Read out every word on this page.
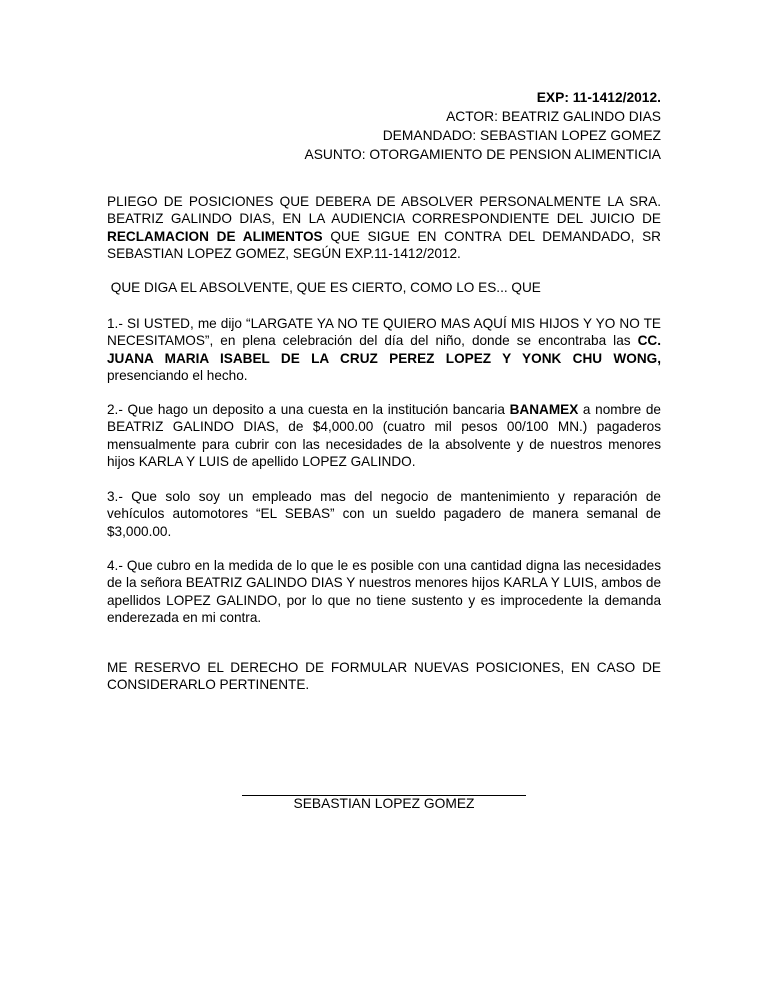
EXP: 11-1412/2012.
ACTOR: BEATRIZ GALINDO DIAS
DEMANDADO: SEBASTIAN LOPEZ GOMEZ
ASUNTO: OTORGAMIENTO DE PENSION ALIMENTICIA
PLIEGO DE POSICIONES QUE DEBERA DE ABSOLVER PERSONALMENTE LA SRA. BEATRIZ GALINDO DIAS, EN LA AUDIENCIA CORRESPONDIENTE DEL JUICIO DE RECLAMACION DE ALIMENTOS QUE SIGUE EN CONTRA DEL DEMANDADO, SR SEBASTIAN LOPEZ GOMEZ, SEGÚN EXP.11-1412/2012.
QUE DIGA EL ABSOLVENTE, QUE ES CIERTO, COMO LO ES... QUE
1.- SI USTED, me dijo “LARGATE YA NO TE QUIERO MAS AQUÍ MIS HIJOS Y YO NO TE NECESITAMOS”, en plena celebración del día del niño, donde se encontraba las CC. JUANA MARIA ISABEL DE LA CRUZ PEREZ LOPEZ Y YONK CHU WONG, presenciando el hecho.
2.- Que hago un deposito a una cuesta en la institución bancaria BANAMEX a nombre de BEATRIZ GALINDO DIAS, de $4,000.00 (cuatro mil pesos 00/100 MN.) pagaderos mensualmente para cubrir con las necesidades de la absolvente y de nuestros menores hijos KARLA Y LUIS de apellido LOPEZ GALINDO.
3.- Que solo soy un empleado mas del negocio de mantenimiento y reparación de vehículos automotores “EL SEBAS” con un sueldo pagadero de manera semanal de $3,000.00.
4.- Que cubro en la medida de lo que le es posible con una cantidad digna las necesidades de la señora BEATRIZ GALINDO DIAS Y nuestros menores hijos KARLA Y LUIS, ambos de apellidos LOPEZ GALINDO, por lo que no tiene sustento y es improcedente la demanda enderezada en mi contra.
ME RESERVO EL DERECHO DE FORMULAR NUEVAS POSICIONES, EN CASO DE CONSIDERARLO PERTINENTE.
SEBASTIAN LOPEZ GOMEZ
